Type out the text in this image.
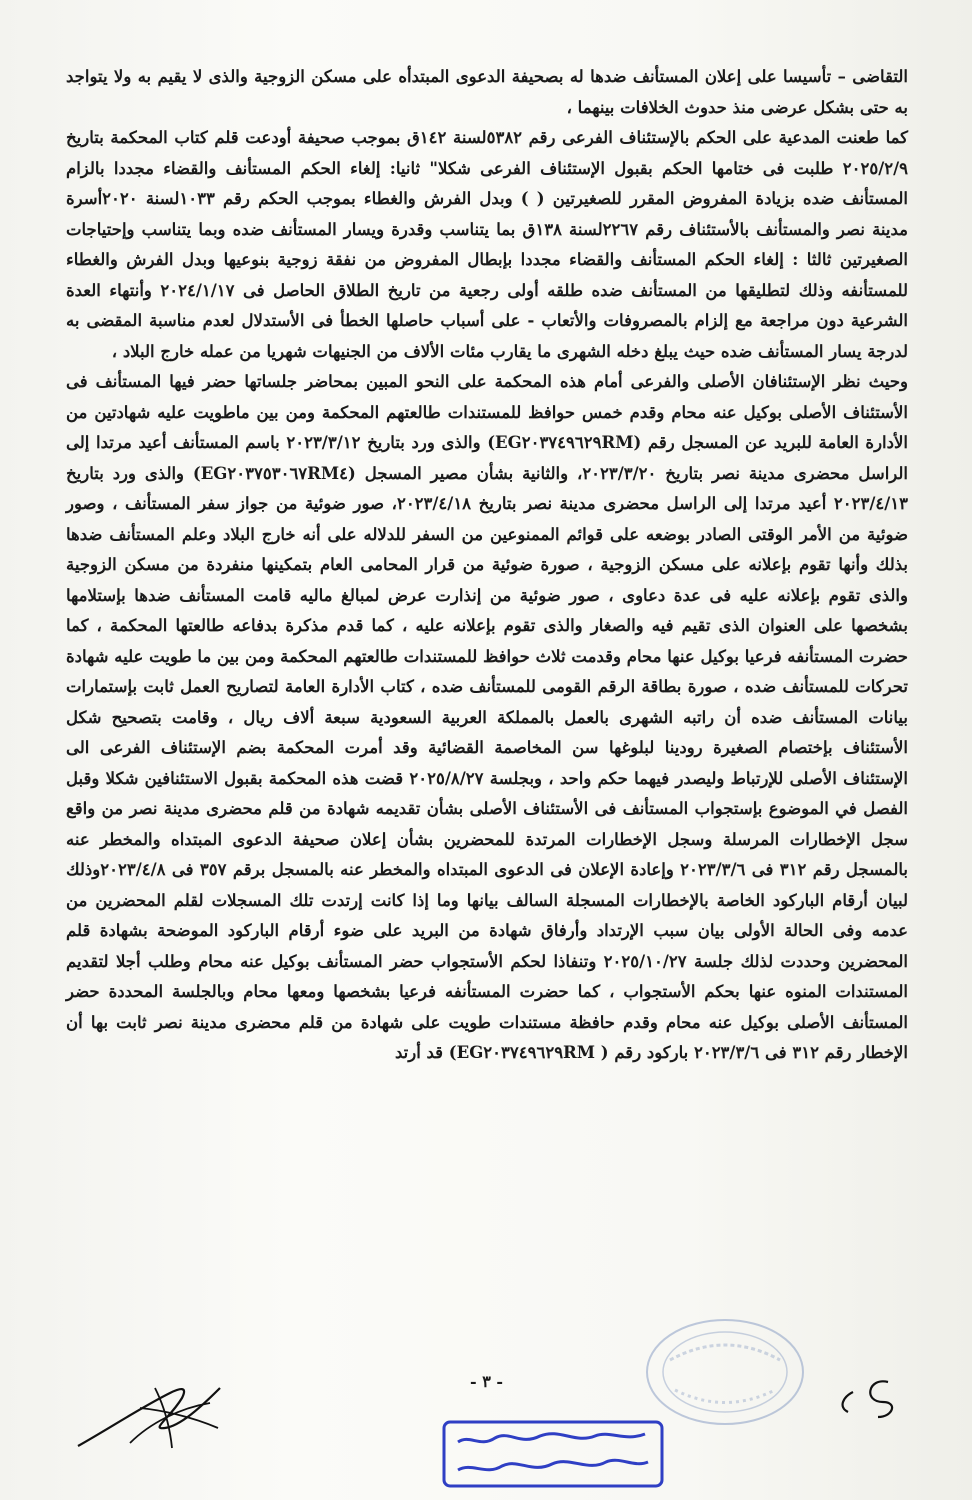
التقاضى – تأسيسا على إعلان المستأنف ضدها له بصحيفة الدعوى المبتدأه على مسكن الزوجية والذى لا يقيم به ولا يتواجد به حتى بشكل عرضى منذ حدوث الخلافات بينهما ،

كما طعنت المدعية على الحكم بالإستئناف الفرعى رقم ٥٣٨٢لسنة ١٤٢ق بموجب صحيفة أودعت قلم كتاب المحكمة بتاريخ ٢٠٢٥/٢/٩ طلبت فى ختامها الحكم بقبول الإستئناف الفرعى شكلا" ثانيا: إلغاء الحكم المستأنف والقضاء مجددا بالزام المستأنف ضده بزيادة المفروض المقرر للصغيرتين ( ) وبدل الفرش والغطاء بموجب الحكم رقم ١٠٣٣لسنة ٢٠٢٠أسرة مدينة نصر والمستأنف بالأستئناف رقم ٢٢٦٧لسنة ١٣٨ق بما يتناسب وقدرة ويسار المستأنف ضده وبما يتناسب وإحتياجات الصغيرتين ثالثا : إلغاء الحكم المستأنف والقضاء مجددا بإبطال المفروض من نفقة زوجية بنوعيها وبدل الفرش والغطاء للمستأنفه وذلك لتطليقها من المستأنف ضده طلقه أولى رجعية من تاريخ الطلاق الحاصل فى ٢٠٢٤/١/١٧ وأنتهاء العدة الشرعية دون مراجعة مع إلزام بالمصروفات والأتعاب - على أسباب حاصلها الخطأ فى الأستدلال لعدم مناسبة المقضى به لدرجة يسار المستأنف ضده حيث يبلغ دخله الشهرى ما يقارب مئات الألاف من الجنيهات شهريا من عمله خارج البلاد ،

وحيث نظر الإستئنافان الأصلى والفرعى أمام هذه المحكمة على النحو المبين بمحاضر جلساتها حضر فيها المستأنف فى الأستئناف الأصلى بوكيل عنه محام وقدم خمس حوافظ للمستندات طالعتهم المحكمة ومن بين ماطويت عليه شهادتين من الأدارة العامة للبريد عن المسجل رقم (EG٢٠٣٧٤٩٦٢٩RM) والذى ورد بتاريخ ٢٠٢٣/٣/١٢ باسم المستأنف أعيد مرتدا إلى الراسل محضرى مدينة نصر بتاريخ ٢٠٢٣/٣/٢٠، والثانية بشأن مصير المسجل (EG٢٠٣٧٥٣٠٦٧RM٤) والذى ورد بتاريخ ٢٠٢٣/٤/١٣ أعيد مرتدا إلى الراسل محضرى مدينة نصر بتاريخ ٢٠٢٣/٤/١٨، صور ضوئية من جواز سفر المستأنف ، وصور ضوئية من الأمر الوقتى الصادر بوضعه على قوائم الممنوعين من السفر للدلاله على أنه خارج البلاد وعلم المستأنف ضدها بذلك وأنها تقوم بإعلانه على مسكن الزوجية ، صورة ضوئية من قرار المحامى العام بتمكينها منفردة من مسكن الزوجية والذى تقوم بإعلانه عليه فى عدة دعاوى ، صور ضوئية من إنذارت عرض لمبالغ ماليه قامت المستأنف ضدها بإستلامها بشخصها على العنوان الذى تقيم فيه والصغار والذى تقوم بإعلانه عليه ، كما قدم مذكرة بدفاعه طالعتها المحكمة ، كما حضرت المستأنفه فرعيا بوكيل عنها محام وقدمت ثلاث حوافظ للمستندات طالعتهم المحكمة ومن بين ما طويت عليه شهادة تحركات للمستأنف ضده ، صورة بطاقة الرقم القومى للمستأنف ضده ، كتاب الأدارة العامة لتصاريح العمل ثابت بإستمارات بيانات المستأنف ضده أن راتبه الشهرى بالعمل بالمملكة العربية السعودية سبعة ألاف ريال ، وقامت بتصحيح شكل الأستئناف بإختصام الصغيرة رودينا لبلوغها سن المخاصمة القضائية وقد أمرت المحكمة بضم الإستئناف الفرعى الى الإستئناف الأصلى للإرتباط وليصدر فيهما حكم واحد ، وبجلسة ٢٠٢٥/٨/٢٧ قضت هذه المحكمة بقبول الاستئنافين شكلا وقبل الفصل في الموضوع بإستجواب المستأنف فى الأستئناف الأصلى بشأن تقديمه شهادة من قلم محضرى مدينة نصر من واقع سجل الإخطارات المرسلة وسجل الإخطارات المرتدة للمحضرين بشأن إعلان صحيفة الدعوى المبتداه والمخطر عنه بالمسجل رقم ٣١٢ فى ٢٠٢٣/٣/٦ وإعادة الإعلان فى الدعوى المبتداه والمخطر عنه بالمسجل برقم ٣٥٧ فى ٢٠٢٣/٤/٨وذلك لبيان أرقام الباركود الخاصة بالإخطارات المسجلة السالف بيانها وما إذا كانت إرتدت تلك المسجلات لقلم المحضرين من عدمه وفى الحالة الأولى بيان سبب الإرتداد وأرفاق شهادة من البريد على ضوء أرقام الباركود الموضحة بشهادة قلم المحضرين وحددت لذلك جلسة ٢٠٢٥/١٠/٢٧ وتنفاذا لحكم الأستجواب حضر المستأنف بوكيل عنه محام وطلب أجلا لتقديم المستندات المنوه عنها بحكم الأستجواب ، كما حضرت المستأنفه فرعيا بشخصها ومعها محام وبالجلسة المحددة حضر المستأنف الأصلى بوكيل عنه محام وقدم حافظة مستندات طويت على شهادة من قلم محضرى مدينة نصر ثابت بها أن الإخطار رقم ٣١٢ فى ٢٠٢٣/٣/٦ باركود رقم ( EG٢٠٣٧٤٩٦٢٩RM) قد أرتد

- ٣ -
